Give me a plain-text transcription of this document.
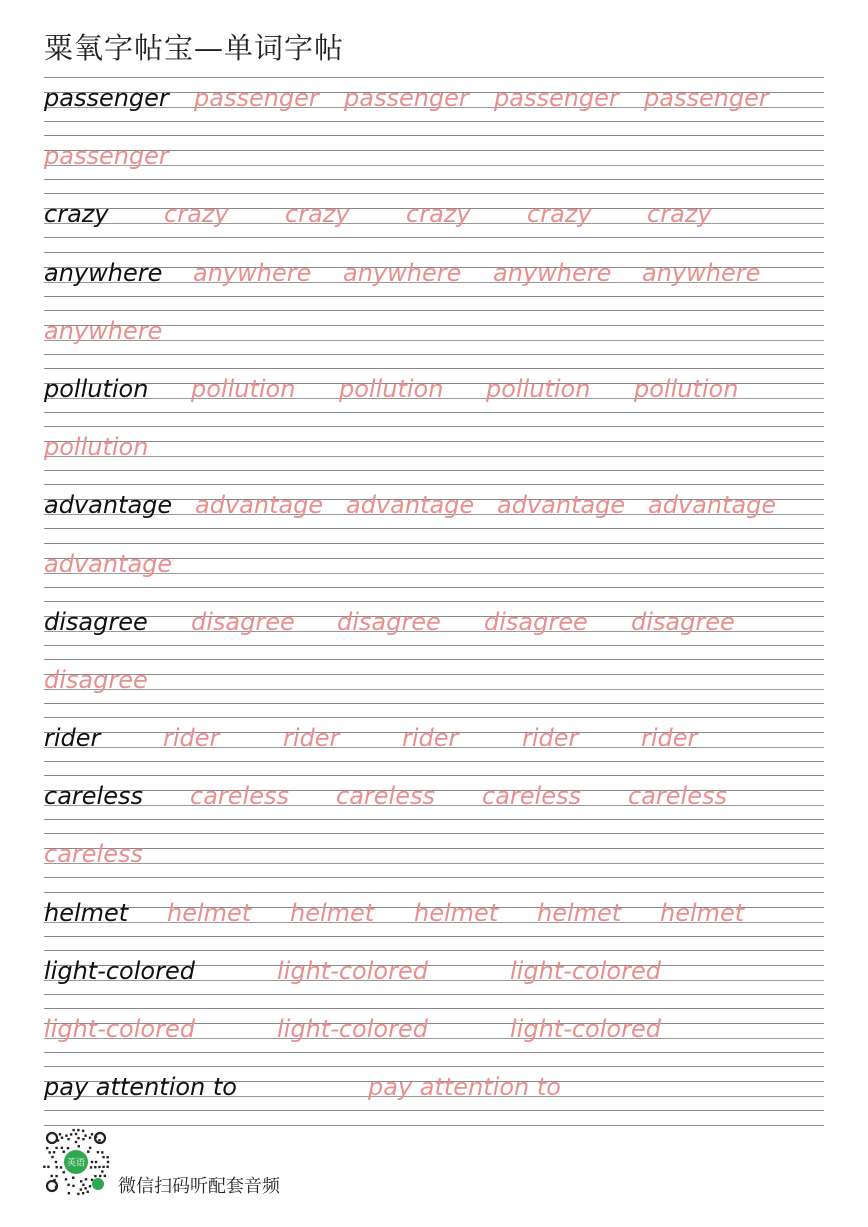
粟氧字帖宝—单词字帖
passenger passenger passenger passenger passenger
passenger
crazy crazy crazy crazy crazy crazy
anywhere anywhere anywhere anywhere anywhere
anywhere
pollution pollution pollution pollution pollution
pollution
advantage advantage advantage advantage advantage
advantage
disagree disagree disagree disagree disagree
disagree
rider	rider	rider	rider	rider	rider
careless careless careless careless careless
careless
helmet helmet helmet helmet helmet helmet
light-colored	light-colored	light-colored
light-colored	light-colored	light-colored
pay attention to	pay attention to
英语
微信扫码听配套音频
